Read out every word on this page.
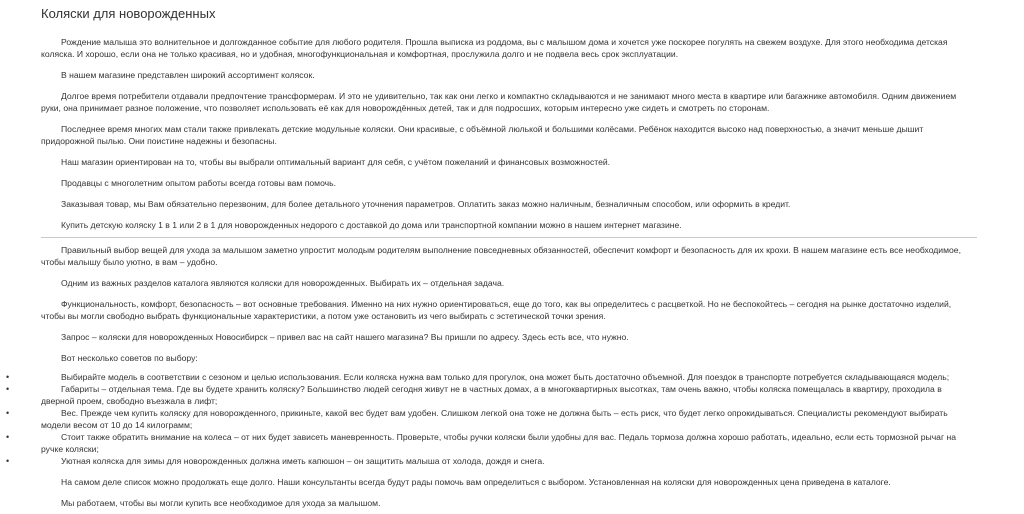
Коляски для новорожденных

Рождение малыша это волнительное и долгожданное событие для любого родителя. Прошла выписка из роддома, вы с малышом дома и хочется уже поскорее погулять на свежем воздухе. Для этого необходима детская коляска. И хорошо, если она не только красивая, но и удобная, многофункциональная и комфортная, прослужила долго и не подвела весь срок эксплуатации.

В нашем магазине представлен широкий ассортимент колясок.

Долгое время потребители отдавали предпочтение трансформерам. И это не удивительно, так как они легко и компактно складываются и не занимают много места в квартире или багажнике автомобиля. Одним движением руки, она принимает разное положение, что позволяет использовать её как для новорождённых детей, так и для подросших, которым интересно уже сидеть и смотреть по сторонам.

Последнее время многих мам стали также привлекать детские модульные коляски. Они красивые, с объёмной люлькой и большими колёсами. Ребёнок находится высоко над поверхностью, а значит меньше дышит придорожной пылью. Они поистине надежны и безопасны.

Наш магазин ориентирован на то, чтобы вы выбрали оптимальный вариант для себя, с учётом пожеланий и финансовых возможностей.

Продавцы с многолетним опытом работы всегда готовы вам помочь.

Заказывая товар, мы Вам обязательно перезвоним, для более детального уточнения параметров. Оплатить заказ можно наличным, безналичным способом, или оформить в кредит.

Купить детскую коляску 1 в 1 или 2 в 1 для новорожденных недорого с доставкой до дома или транспортной компании можно в нашем интернет магазине.

Правильный выбор вещей для ухода за малышом заметно упростит молодым родителям выполнение повседневных обязанностей, обеспечит комфорт и безопасность для их крохи. В нашем магазине есть все необходимое, чтобы малышу было уютно, в вам – удобно.

Одним из важных разделов каталога являются коляски для новорожденных. Выбирать их – отдельная задача.

Функциональность, комфорт, безопасность – вот основные требования. Именно на них нужно ориентироваться, еще до того, как вы определитесь с расцветкой. Но не беспокойтесь – сегодня на рынке достаточно изделий, чтобы вы могли свободно выбрать функциональные характеристики, а потом уже остановить из чего выбирать с эстетической точки зрения.

Запрос – коляски для новорожденных Новосибирск – привел вас на сайт нашего магазина? Вы пришли по адресу. Здесь есть все, что нужно.

Вот несколько советов по выбору:

•	Выбирайте модель в соответствии с сезоном и целью использования. Если коляска нужна вам только для прогулок, она может быть достаточно объемной. Для поездок в транспорте потребуется складывающаяся модель;
•	Габариты – отдельная тема. Где вы будете хранить коляску? Большинство людей сегодня живут не в частных домах, а в многоквартирных высотках, там очень важно, чтобы коляска помещалась в квартиру, проходила в дверной проем, свободно въезжала в лифт;
•	Вес. Прежде чем купить коляску для новорожденного, прикиньте, какой вес будет вам удобен. Слишком легкой она тоже не должна быть – есть риск, что будет легко опрокидываться. Специалисты рекомендуют выбирать модели весом от 10 до 14 килограмм;
•	Стоит также обратить внимание на колеса – от них будет зависеть маневренность. Проверьте, чтобы ручки коляски были удобны для вас. Педаль тормоза должна хорошо работать, идеально, если есть тормозной рычаг на ручке коляски;
•	Уютная коляска для зимы для новорожденных должна иметь капюшон – он защитить малыша от холода, дождя и снега.

На самом деле список можно продолжать еще долго. Наши консультанты всегда будут рады помочь вам определиться с выбором. Установленная на коляски для новорожденных цена приведена в каталоге.

Мы работаем, чтобы вы могли купить все необходимое для ухода за малышом.
